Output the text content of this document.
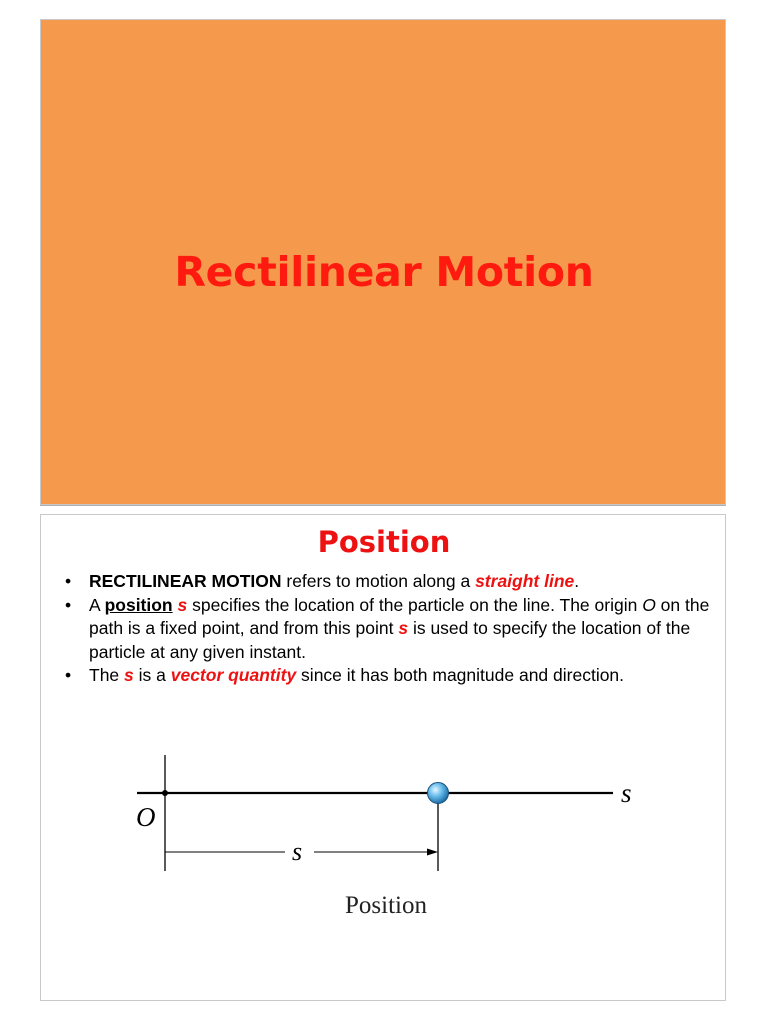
Rectilinear Motion
Position
• RECTILINEAR MOTION refers to motion along a straight line.
• A position s specifies the location of the particle on the line. The origin O on the path is a fixed point, and from this point s is used to specify the location of the particle at any given instant.
• The s is a vector quantity since it has both magnitude and direction.
O
s
s
Position
